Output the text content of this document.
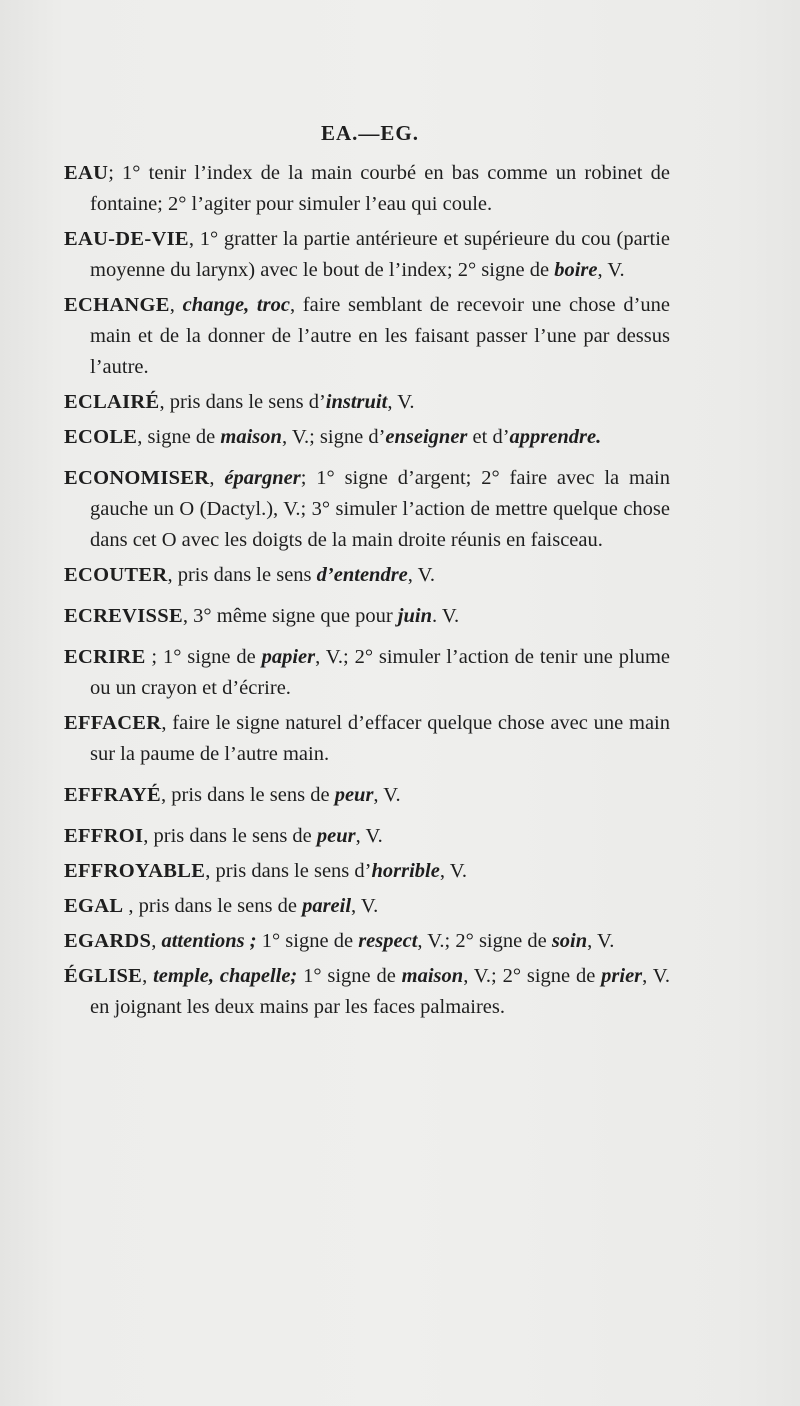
EA.—EG.

EAU; 1° tenir l’index de la main courbé en bas comme un robinet de fontaine; 2° l’agiter pour simuler l’eau qui coule.

EAU-DE-VIE, 1° gratter la partie antérieure et supérieure du cou (partie moyenne du larynx) avec le bout de l’index; 2° signe de boire, V.

ECHANGE, change, troc, faire semblant de recevoir une chose d’une main et de la donner de l’autre en les faisant passer l’une par dessus l’autre.

ECLAIRÉ, pris dans le sens d’instruit, V.

ECOLE, signe de maison, V.; signe d’enseigner et d’apprendre.

ECONOMISER, épargner; 1° signe d’argent; 2° faire avec la main gauche un O (Dactyl.), V.; 3° simuler l’action de mettre quelque chose dans cet O avec les doigts de la main droite réunis en faisceau.

ECOUTER, pris dans le sens d’entendre, V.

ECREVISSE, 3° même signe que pour juin. V.

ECRIRE ; 1° signe de papier, V.; 2° simuler l’action de tenir une plume ou un crayon et d’écrire.

EFFACER, faire le signe naturel d’effacer quelque chose avec une main sur la paume de l’autre main.

EFFRAYÉ, pris dans le sens de peur, V.

EFFROI, pris dans le sens de peur, V.

EFFROYABLE, pris dans le sens d’horrible, V.

EGAL , pris dans le sens de pareil, V.

EGARDS, attentions ; 1° signe de respect, V.; 2° signe de soin, V.

ÉGLISE, temple, chapelle; 1° signe de maison, V.; 2° signe de prier, V. en joignant les deux mains par les faces palmaires.
